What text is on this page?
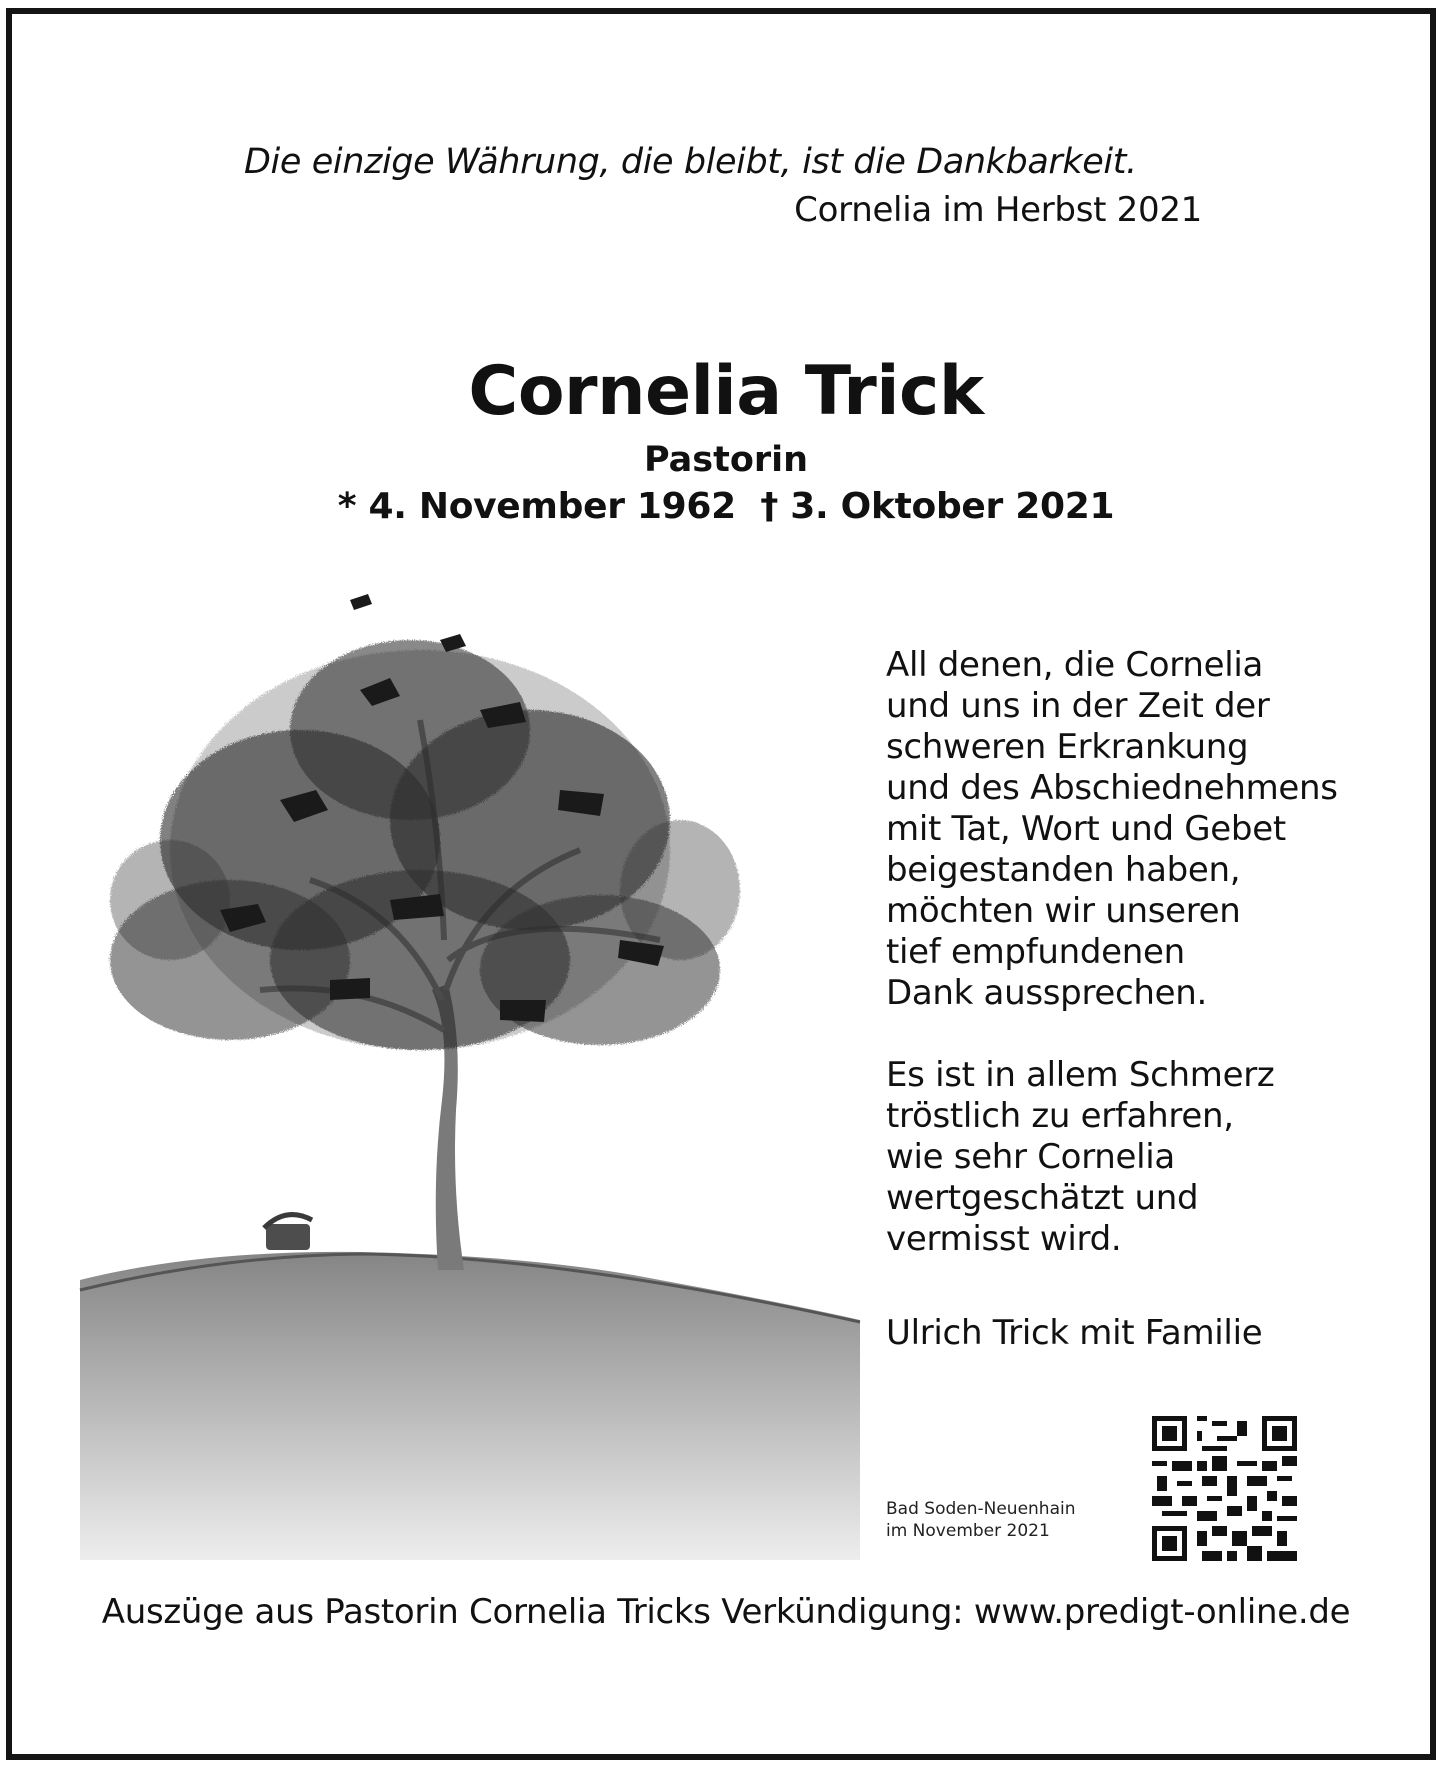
Die einzige Währung, die bleibt, ist die Dankbarkeit.
Cornelia im Herbst 2021
Cornelia Trick
Pastorin
* 4. November 1962  † 3. Oktober 2021

All denen, die Cornelia
und uns in der Zeit der
schweren Erkrankung
und des Abschiednehmens
mit Tat, Wort und Gebet
beigestanden haben,
möchten wir unseren
tief empfundenen
Dank aussprechen.

Es ist in allem Schmerz
tröstlich zu erfahren,
wie sehr Cornelia
wertgeschätzt und
vermisst wird.

Ulrich Trick mit Familie

Bad Soden-Neuenhain
im November 2021
Auszüge aus Pastorin Cornelia Tricks Verkündigung: www.predigt-online.de
